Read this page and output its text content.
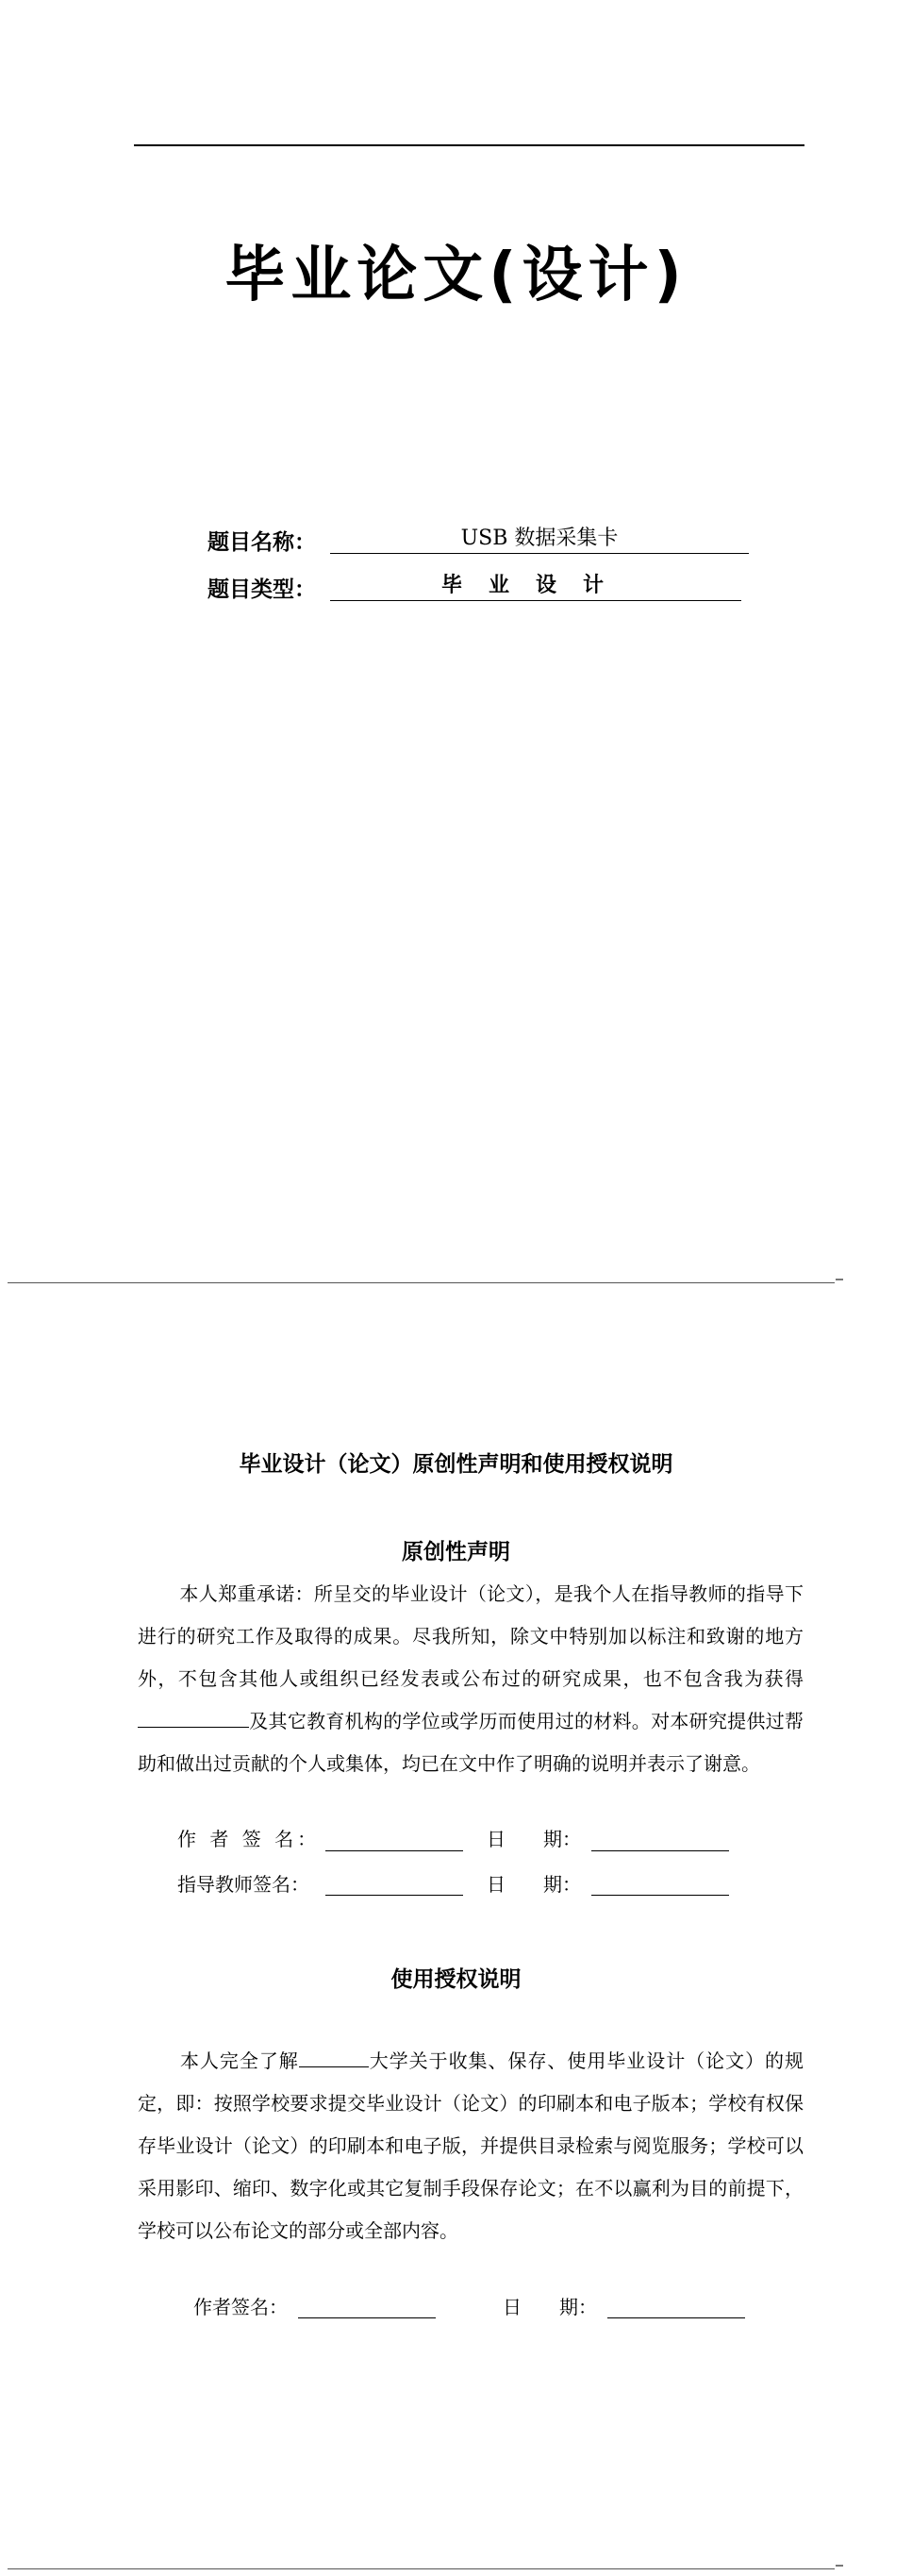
毕业论文(设计)
题目名称：	USB 数据采集卡
题目类型：	毕业设计
毕业设计（论文）原创性声明和使用授权说明
原创性声明
本人郑重承诺：所呈交的毕业设计（论文），是我个人在指导教师的指导下进行的研究工作及取得的成果。尽我所知，除文中特别加以标注和致谢的地方外，不包含其他人或组织已经发表或公布过的研究成果，也不包含我为获得及其它教育机构的学位或学历而使用过的材料。对本研究提供过帮助和做出过贡献的个人或集体，均已在文中作了明确的说明并表示了谢意。
作 者 签 名：	日　　期：
指导教师签名：	日　　期：
使用授权说明
本人完全了解	大学关于收集、保存、使用毕业设计（论文）的规定，即：按照学校要求提交毕业设计（论文）的印刷本和电子版本；学校有权保存毕业设计（论文）的印刷本和电子版，并提供目录检索与阅览服务；学校可以采用影印、缩印、数字化或其它复制手段保存论文；在不以赢利为目的前提下，学校可以公布论文的部分或全部内容。
作者签名：	日　　期：
